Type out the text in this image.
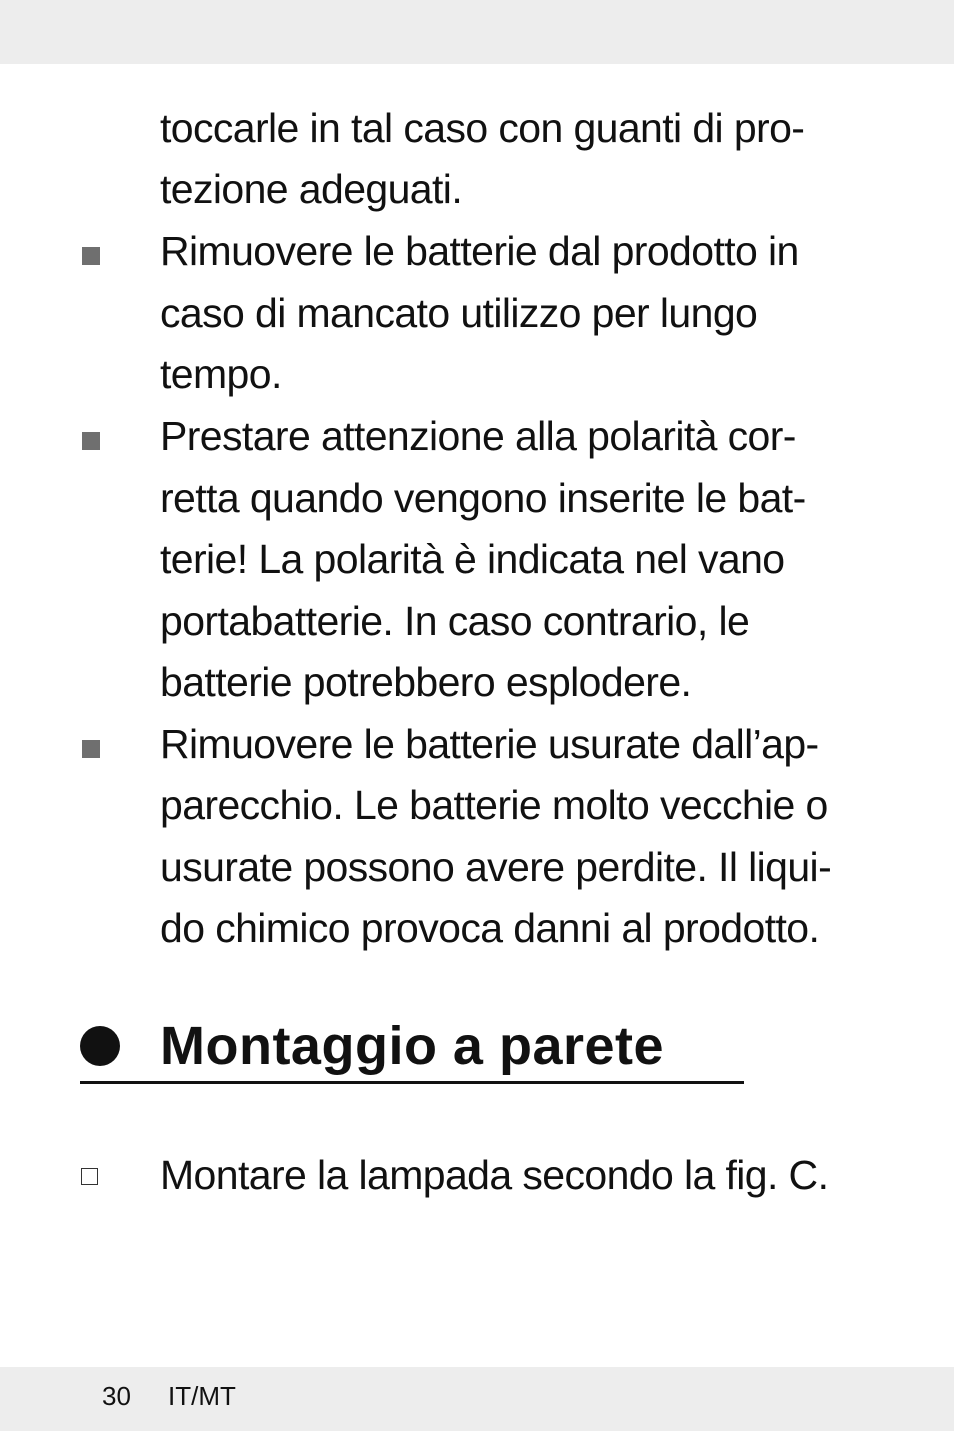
toccarle in tal caso con guanti di pro-
tezione adeguati.
Rimuovere le batterie dal prodotto in
caso di mancato utilizzo per lungo
tempo.
Prestare attenzione alla polarità cor-
retta quando vengono inserite le bat-
terie! La polarità è indicata nel vano
portabatterie. In caso contrario, le
batterie potrebbero esplodere.
Rimuovere le batterie usurate dall’ap-
parecchio. Le batterie molto vecchie o
usurate possono avere perdite. Il liqui-
do chimico provoca danni al prodotto.
Montaggio a parete
Montare la lampada secondo la fig. C.
30 IT/MT
